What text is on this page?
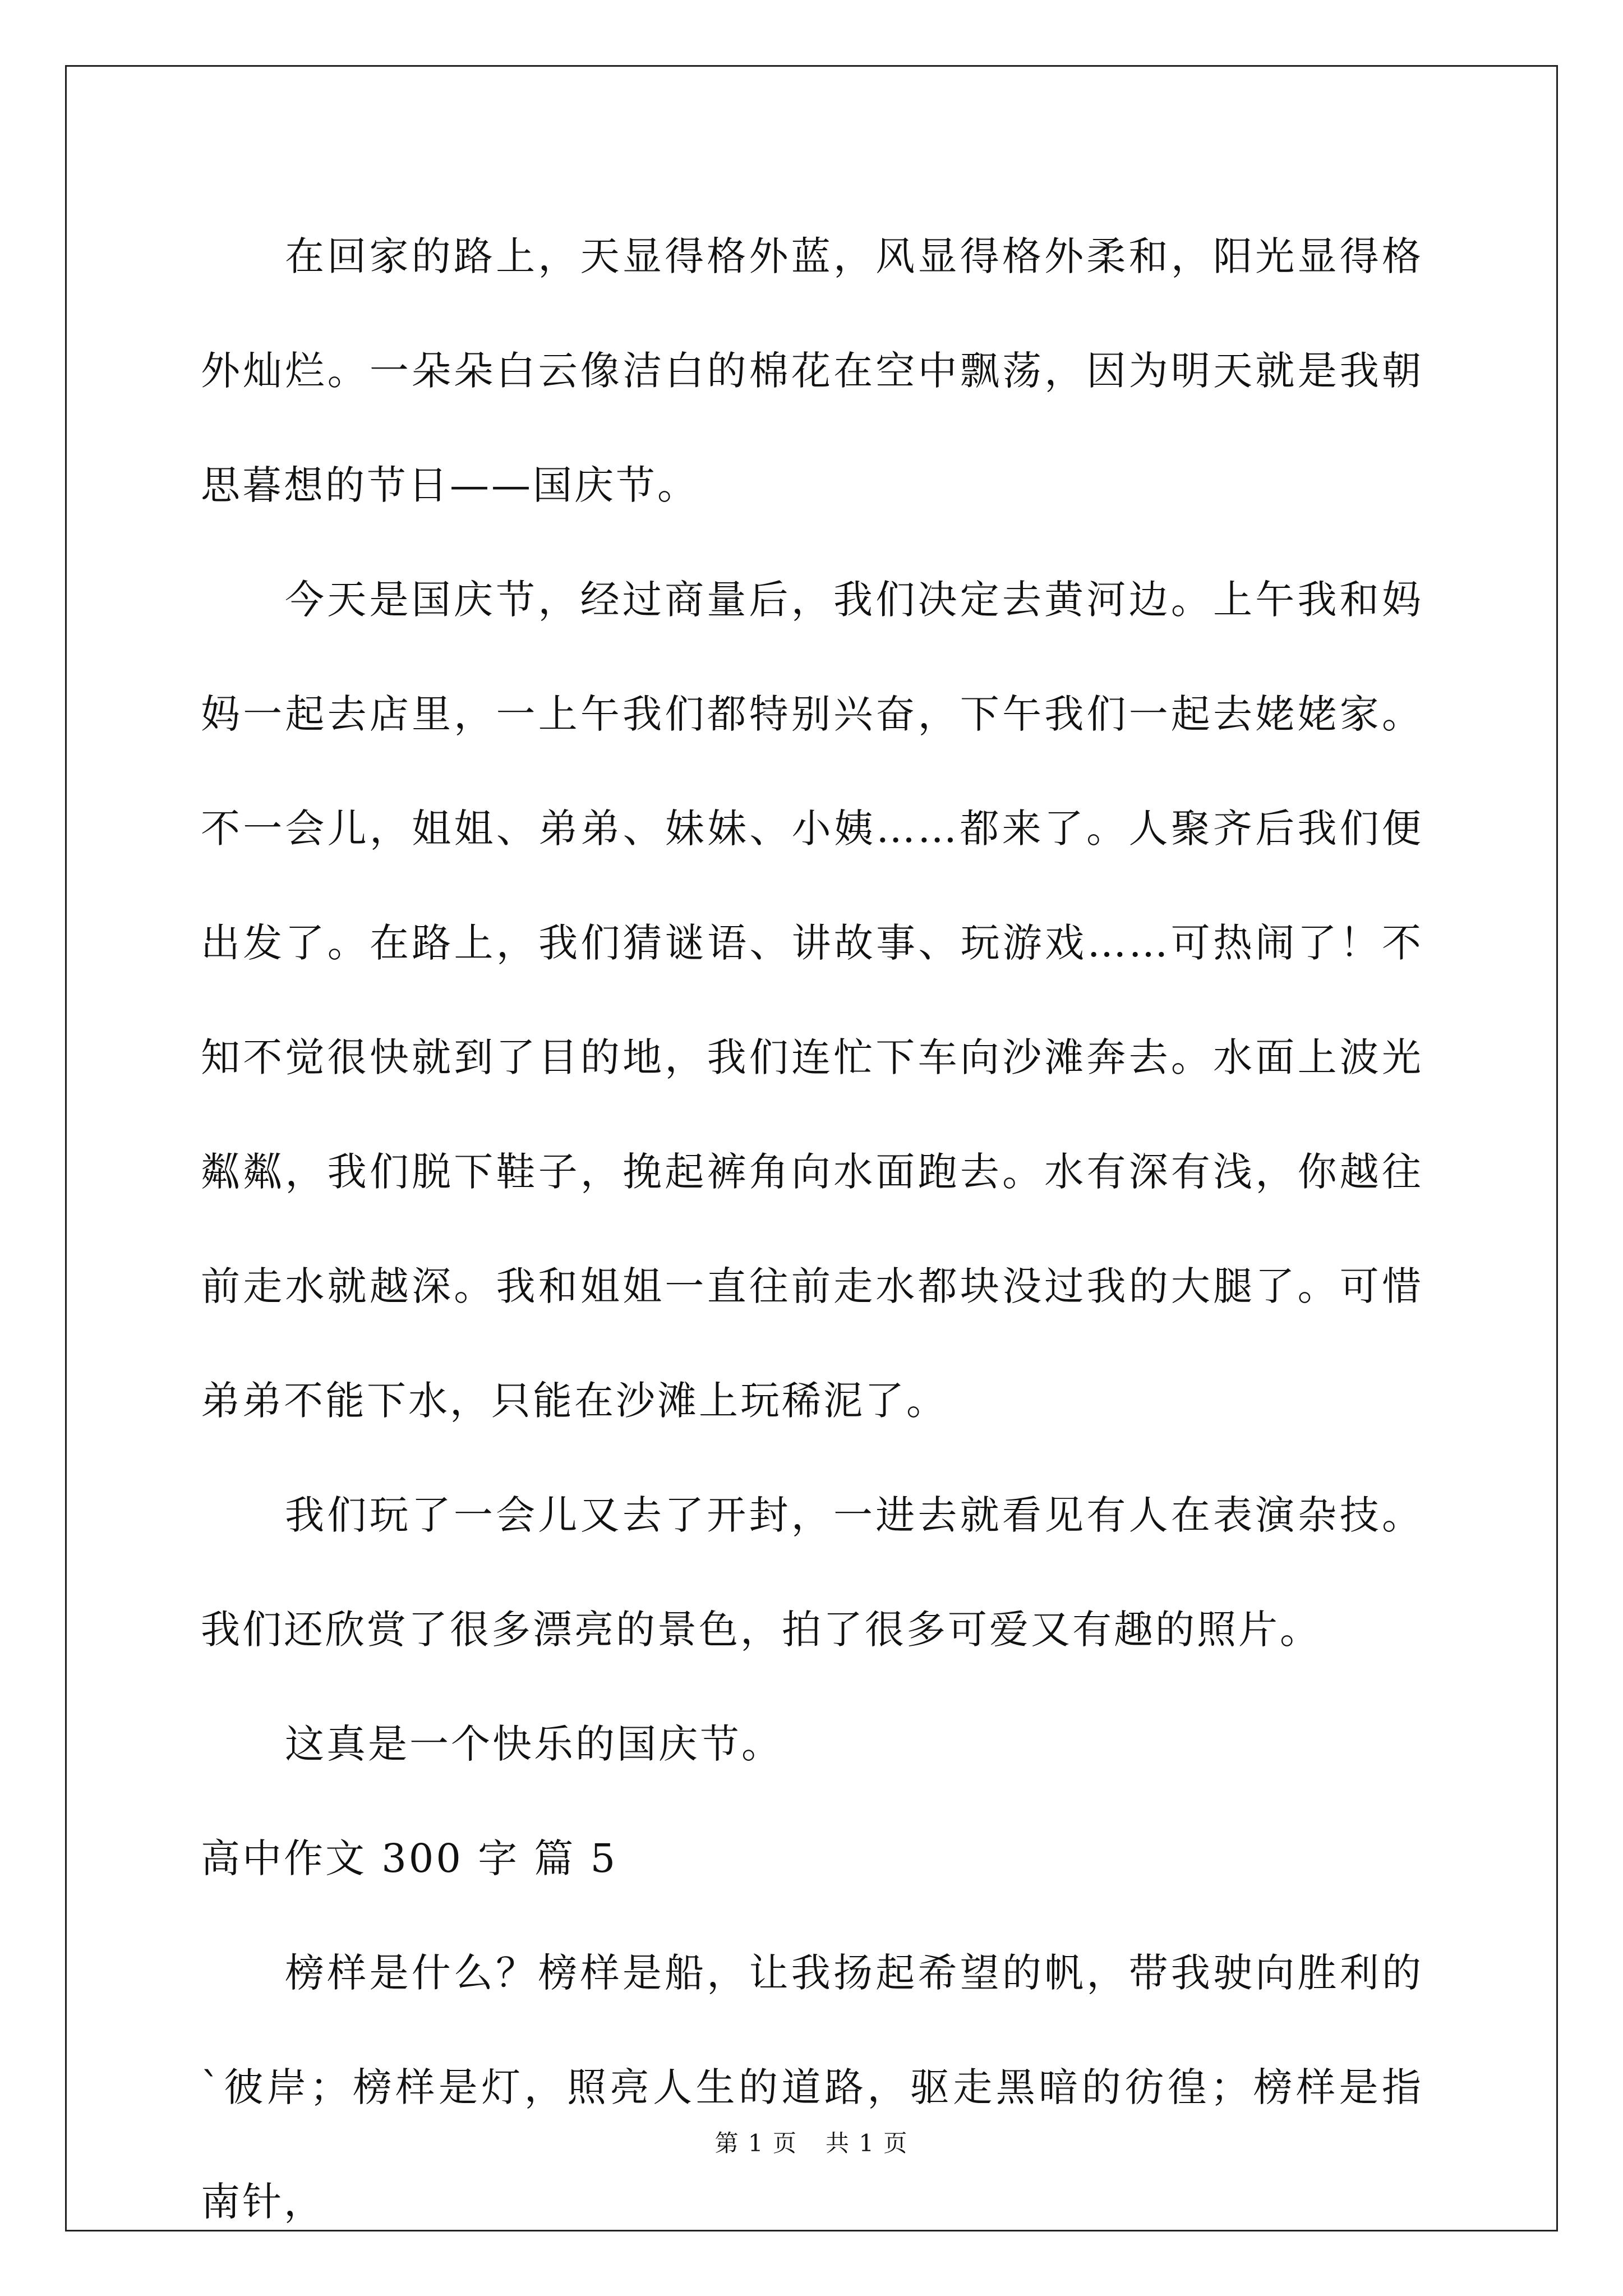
在回家的路上，天显得格外蓝，风显得格外柔和，阳光显得格外灿烂。一朵朵白云像洁白的棉花在空中飘荡，因为明天就是我朝思暮想的节日——国庆节。

今天是国庆节，经过商量后，我们决定去黄河边。上午我和妈妈一起去店里，一上午我们都特别兴奋，下午我们一起去姥姥家。不一会儿，姐姐、弟弟、妹妹、小姨……都来了。人聚齐后我们便出发了。在路上，我们猜谜语、讲故事、玩游戏……可热闹了！不知不觉很快就到了目的地，我们连忙下车向沙滩奔去。水面上波光粼粼，我们脱下鞋子，挽起裤角向水面跑去。水有深有浅，你越往前走水就越深。我和姐姐一直往前走水都块没过我的大腿了。可惜弟弟不能下水，只能在沙滩上玩稀泥了。

我们玩了一会儿又去了开封，一进去就看见有人在表演杂技。我们还欣赏了很多漂亮的景色，拍了很多可爱又有趣的照片。

这真是一个快乐的国庆节。

高中作文 300 字 篇 5

榜样是什么？榜样是船，让我扬起希望的帆，带我驶向胜利的`彼岸；榜样是灯，照亮人生的道路，驱走黑暗的彷徨；榜样是指南针，

第 1 页 共 1 页
